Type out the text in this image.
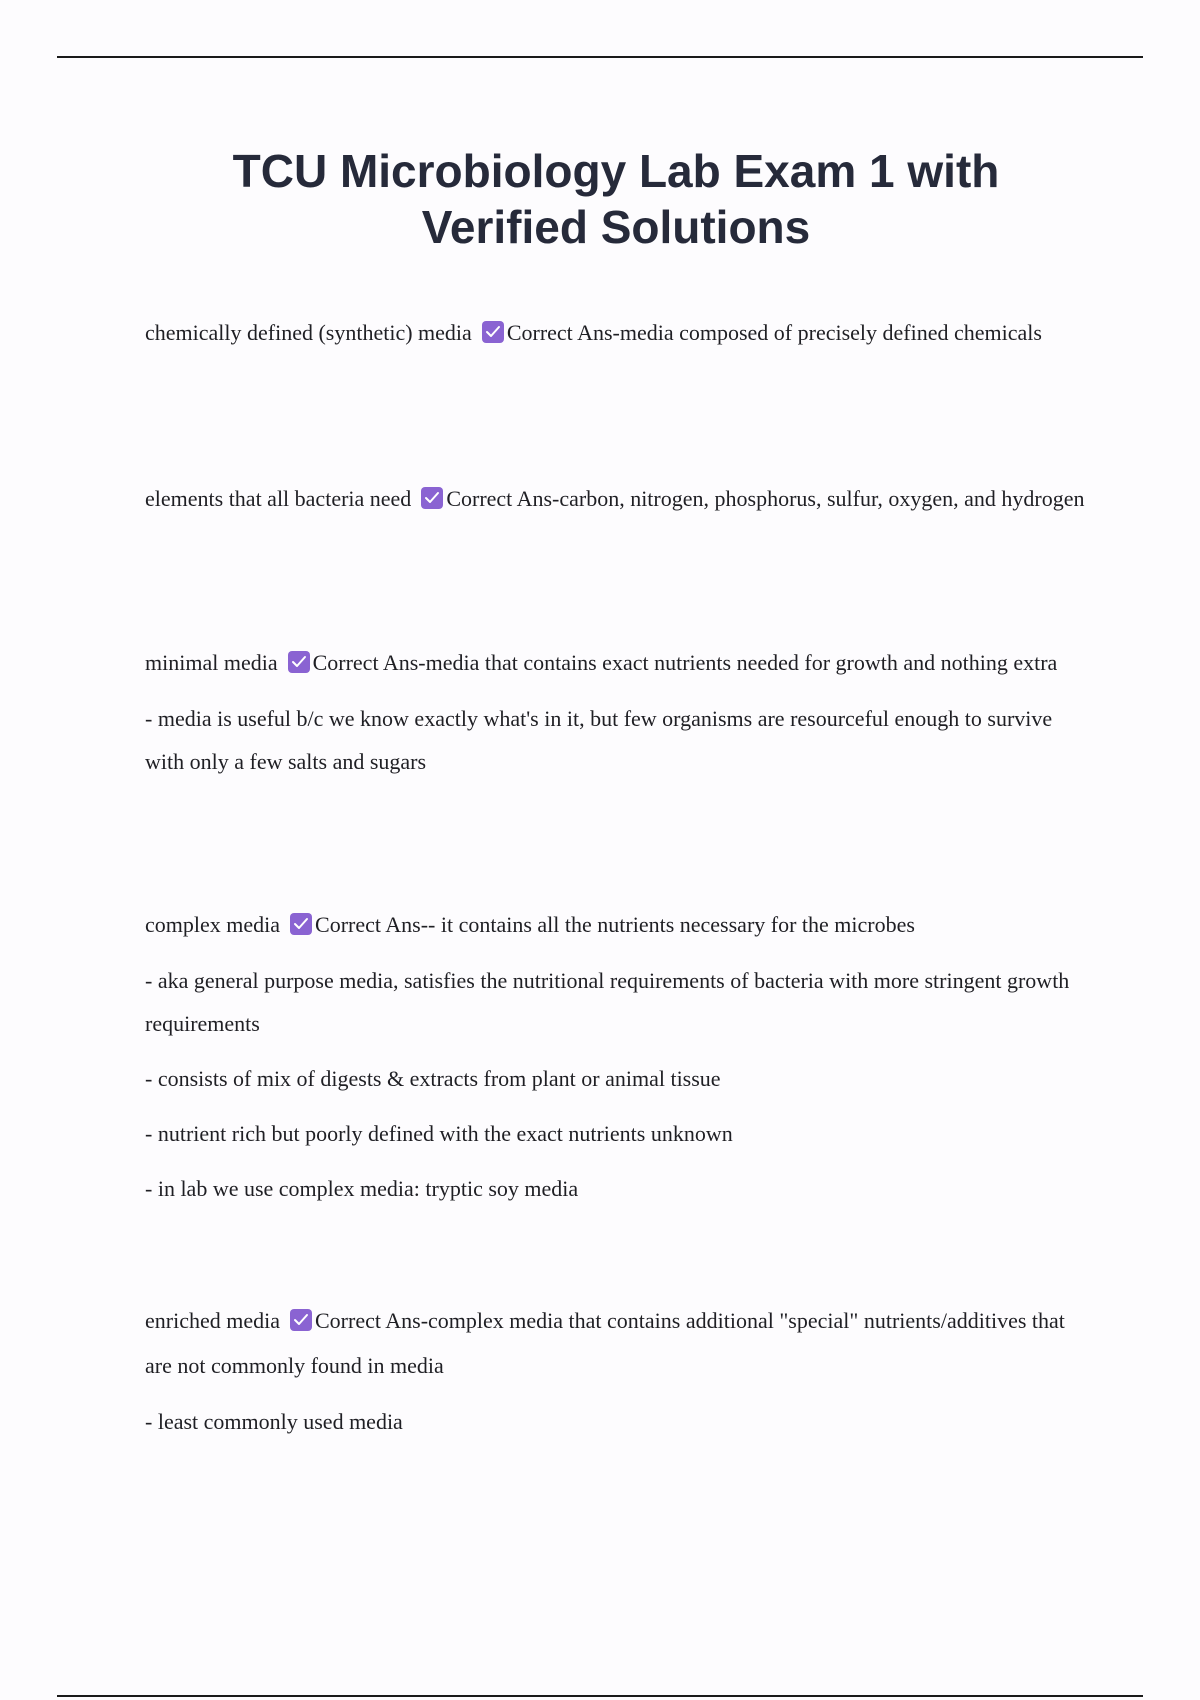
TCU Microbiology Lab Exam 1 with Verified Solutions

chemically defined (synthetic) media Correct Ans-media composed of precisely defined chemicals

elements that all bacteria need Correct Ans-carbon, nitrogen, phosphorus, sulfur, oxygen, and hydrogen

minimal media Correct Ans-media that contains exact nutrients needed for growth and nothing extra

- media is useful b/c we know exactly what's in it, but few organisms are resourceful enough to survive with only a few salts and sugars

complex media Correct Ans-- it contains all the nutrients necessary for the microbes

- aka general purpose media, satisfies the nutritional requirements of bacteria with more stringent growth requirements

- consists of mix of digests & extracts from plant or animal tissue

- nutrient rich but poorly defined with the exact nutrients unknown

- in lab we use complex media: tryptic soy media

enriched media Correct Ans-complex media that contains additional "special" nutrients/additives that are not commonly found in media

- least commonly used media
